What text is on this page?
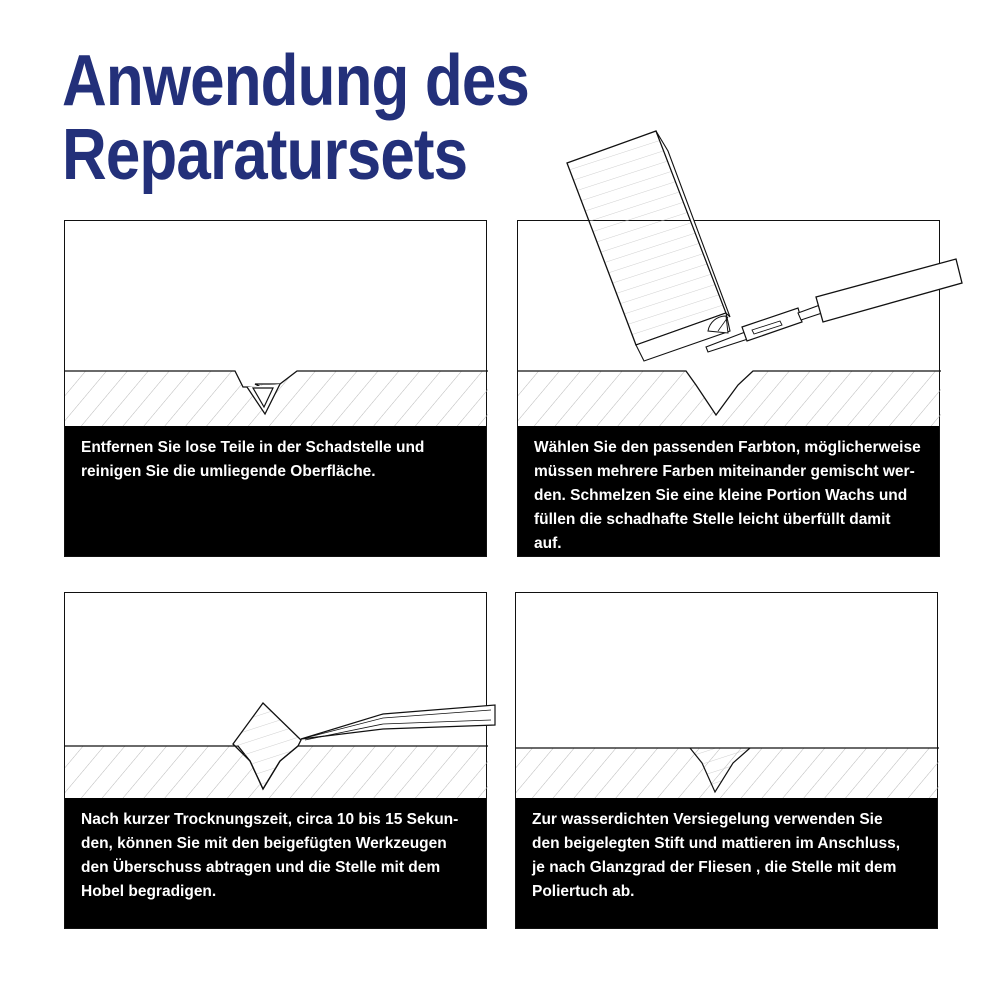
Anwendung des
Reparatursets

Entfernen Sie lose Teile in der Schadstelle und
reinigen Sie die umliegende Oberfläche.

Wählen Sie den passenden Farbton, möglicherweise
müssen mehrere Farben miteinander gemischt wer-
den. Schmelzen Sie eine kleine Portion Wachs und
füllen die schadhafte Stelle leicht überfüllt damit
auf.

Nach kurzer Trocknungszeit, circa 10 bis 15 Sekun-
den, können Sie mit den beigefügten Werkzeugen
den Überschuss abtragen und die Stelle mit dem
Hobel begradigen.

Zur wasserdichten Versiegelung verwenden Sie
den beigelegten Stift und mattieren im Anschluss,
je nach Glanzgrad der Fliesen , die Stelle mit dem
Poliertuch ab.
